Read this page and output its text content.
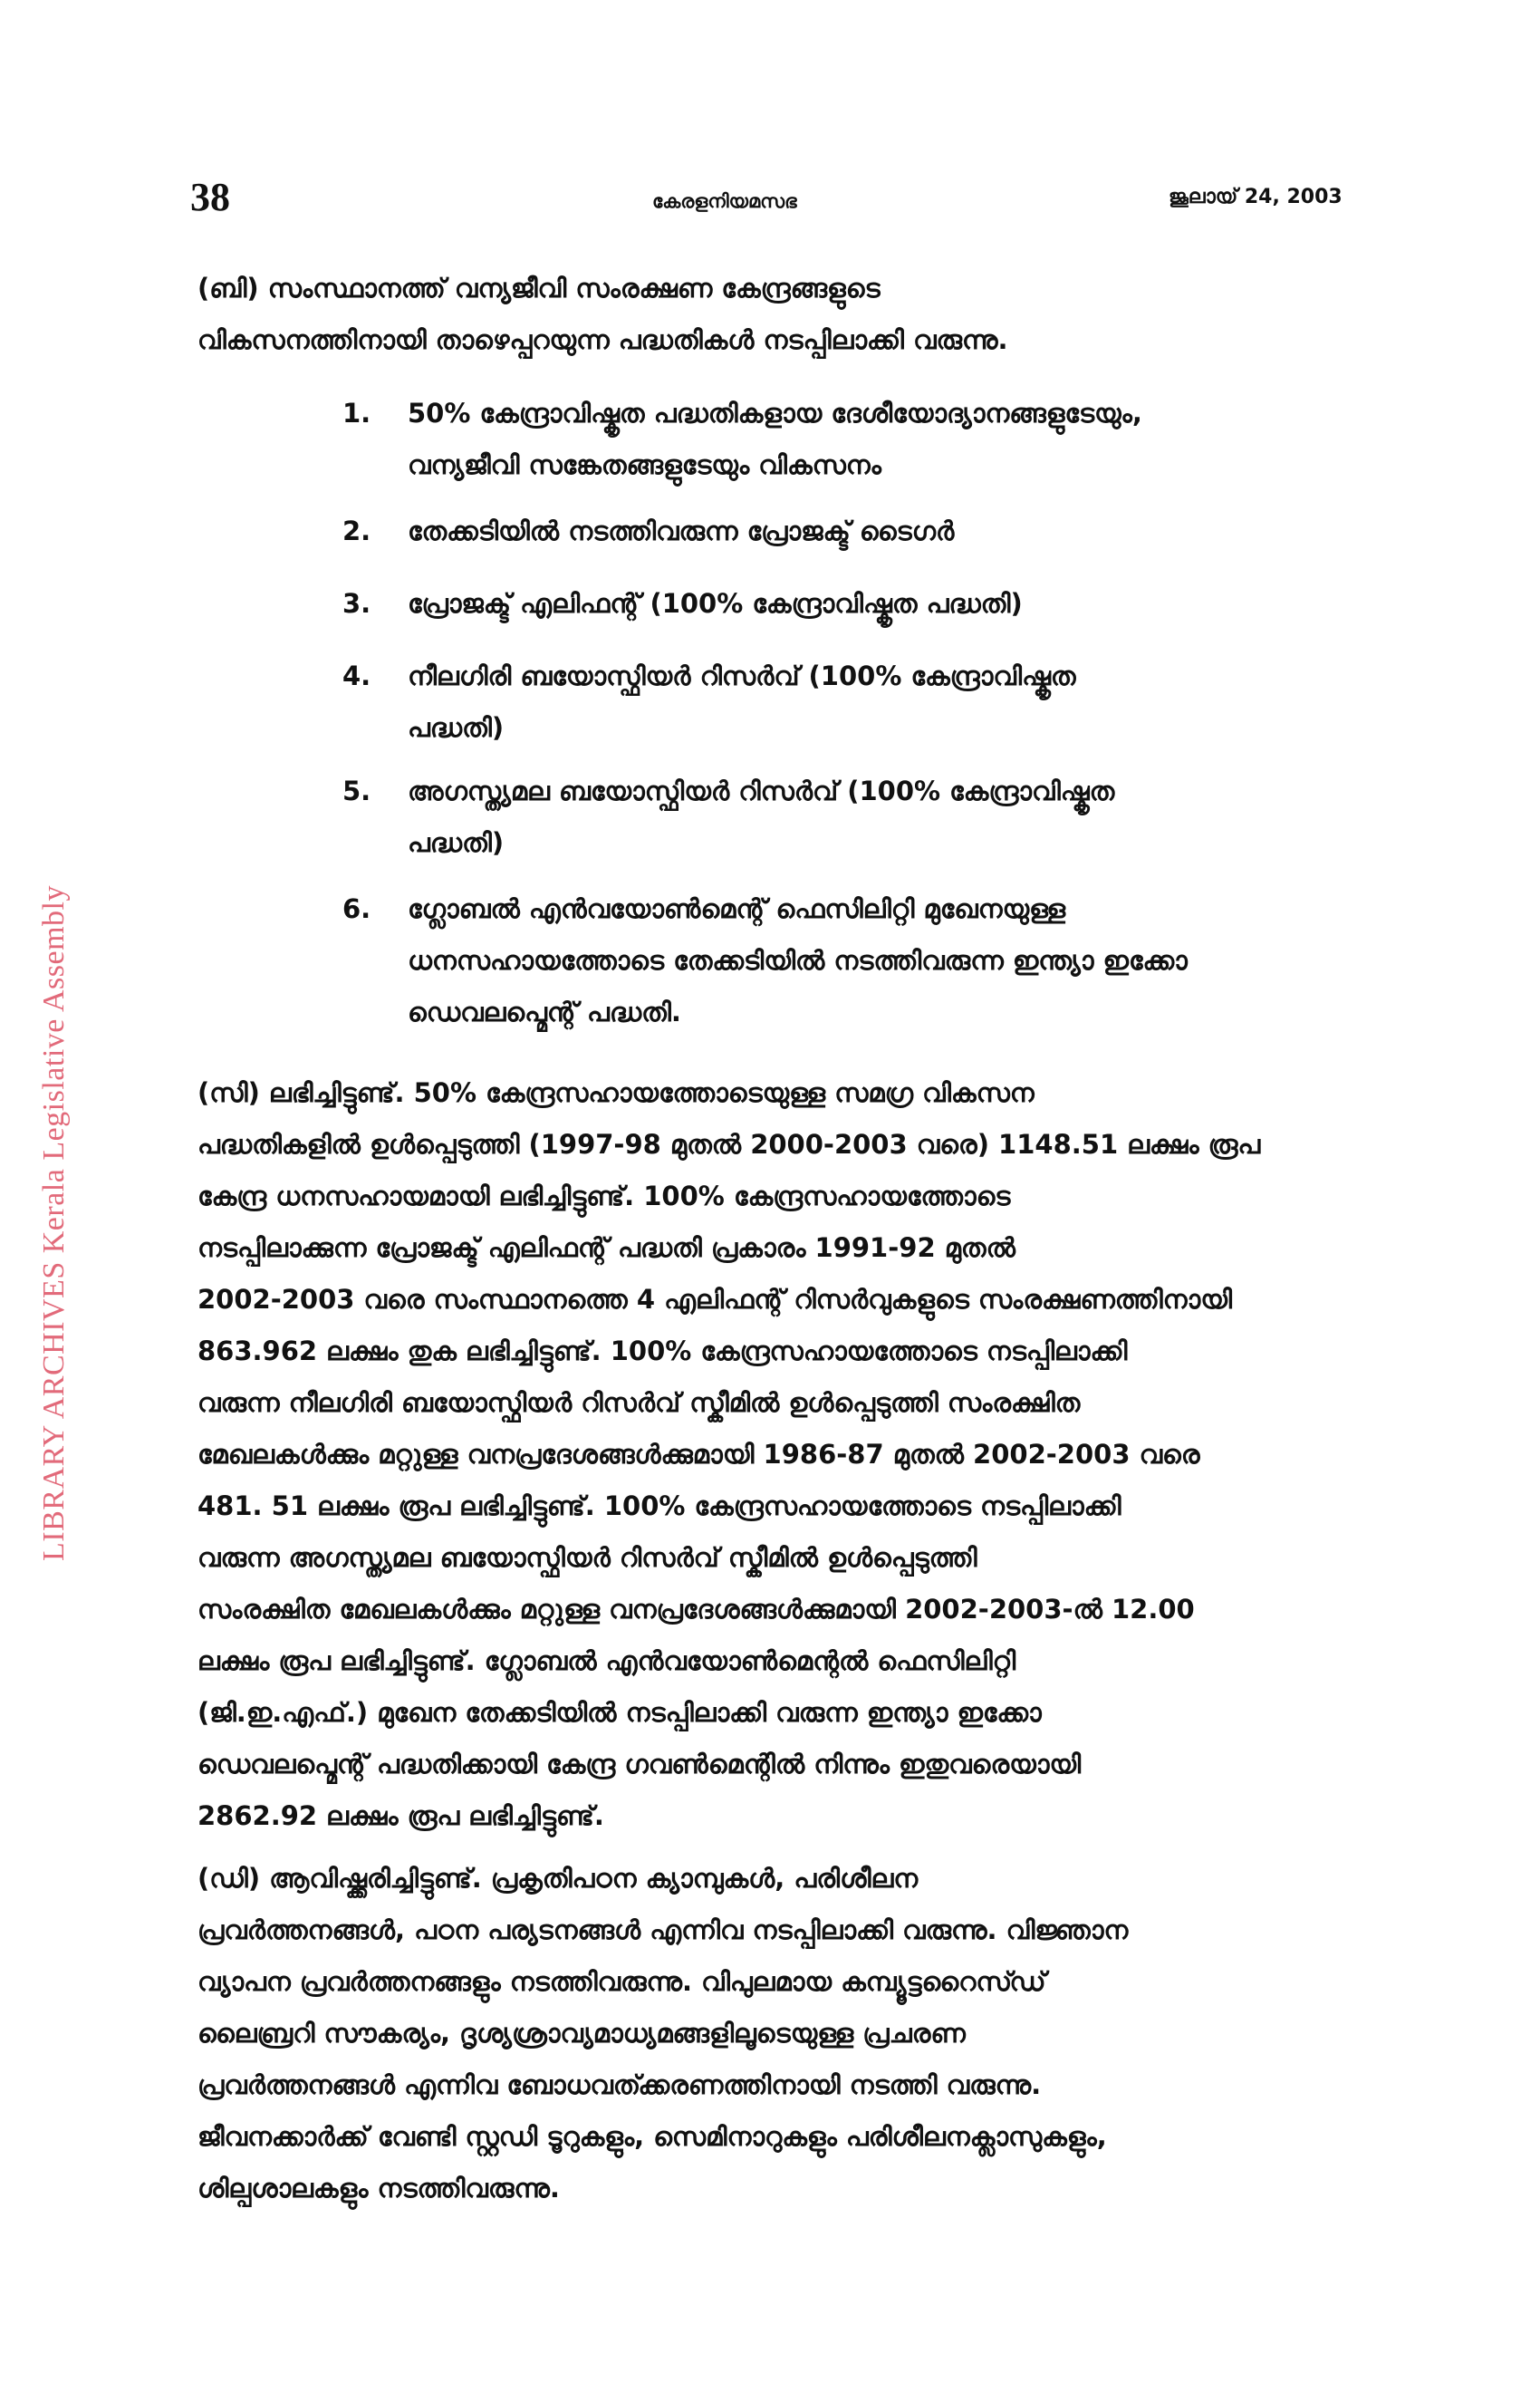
LIBRARY ARCHIVES Kerala Legislative Assembly
38	കേരളനിയമസഭ	ജൂലായ് 24, 2003
(ബി) സംസ്ഥാനത്ത് വന്യജീവി സംരക്ഷണ കേന്ദ്രങ്ങളുടെ
വികസനത്തിനായി താഴെപ്പറയുന്ന പദ്ധതികൾ നടപ്പിലാക്കി വരുന്നു.
1.	50% കേന്ദ്രാവിഷ്കൃത പദ്ധതികളായ ദേശീയോദ്യാനങ്ങളുടേയും,
വന്യജീവി സങ്കേതങ്ങളുടേയും വികസനം
2.	തേക്കടിയിൽ നടത്തിവരുന്ന പ്രോജക്ട് ടൈഗർ
3.	പ്രോജക്ട് എലിഫന്റ് (100% കേന്ദ്രാവിഷ്കൃത പദ്ധതി)
4.	നീലഗിരി ബയോസ്ഫിയർ റിസർവ് (100% കേന്ദ്രാവിഷ്കൃത
പദ്ധതി)
5.	അഗസ്ത്യമല ബയോസ്ഫിയർ റിസർവ് (100% കേന്ദ്രാവിഷ്കൃത
പദ്ധതി)
6.	ഗ്ലോബൽ എൻവയോൺമെന്റ് ഫെസിലിറ്റി മുഖേനയുള്ള
ധനസഹായത്തോടെ തേക്കടിയിൽ നടത്തിവരുന്ന ഇന്ത്യാ ഇക്കോ
ഡെവലപ്മെന്റ് പദ്ധതി.
(സി) ലഭിച്ചിട്ടുണ്ട്. 50% കേന്ദ്രസഹായത്തോടെയുള്ള സമഗ്ര വികസന
പദ്ധതികളിൽ ഉൾപ്പെടുത്തി (1997-98 മുതൽ 2000-2003 വരെ) 1148.51 ലക്ഷം രൂപ
കേന്ദ്ര ധനസഹായമായി ലഭിച്ചിട്ടുണ്ട്. 100% കേന്ദ്രസഹായത്തോടെ
നടപ്പിലാക്കുന്ന പ്രോജക്ട് എലിഫന്റ് പദ്ധതി പ്രകാരം 1991-92 മുതൽ
2002-2003 വരെ സംസ്ഥാനത്തെ 4 എലിഫന്റ് റിസർവുകളുടെ സംരക്ഷണത്തിനായി
863.962 ലക്ഷം തുക ലഭിച്ചിട്ടുണ്ട്. 100% കേന്ദ്രസഹായത്തോടെ നടപ്പിലാക്കി
വരുന്ന നീലഗിരി ബയോസ്ഫിയർ റിസർവ് സ്കീമിൽ ഉൾപ്പെടുത്തി സംരക്ഷിത
മേഖലകൾക്കും മറ്റുള്ള വനപ്രദേശങ്ങൾക്കുമായി 1986-87 മുതൽ 2002-2003 വരെ
481. 51 ലക്ഷം രൂപ ലഭിച്ചിട്ടുണ്ട്. 100% കേന്ദ്രസഹായത്തോടെ നടപ്പിലാക്കി
വരുന്ന അഗസ്ത്യമല ബയോസ്ഫിയർ റിസർവ് സ്കീമിൽ ഉൾപ്പെടുത്തി
സംരക്ഷിത മേഖലകൾക്കും മറ്റുള്ള വനപ്രദേശങ്ങൾക്കുമായി 2002-2003-ൽ 12.00
ലക്ഷം രൂപ ലഭിച്ചിട്ടുണ്ട്. ഗ്ലോബൽ എൻവയോൺമെന്റൽ ഫെസിലിറ്റി
(ജി.ഇ.എഫ്.) മുഖേന തേക്കടിയിൽ നടപ്പിലാക്കി വരുന്ന ഇന്ത്യാ ഇക്കോ
ഡെവലപ്മെന്റ് പദ്ധതിക്കായി കേന്ദ്ര ഗവൺമെന്റിൽ നിന്നും ഇതുവരെയായി
2862.92 ലക്ഷം രൂപ ലഭിച്ചിട്ടുണ്ട്.
(ഡി) ആവിഷ്ക്കരിച്ചിട്ടുണ്ട്. പ്രകൃതിപഠന ക്യാമ്പുകൾ, പരിശീലന
പ്രവർത്തനങ്ങൾ, പഠന പര്യടനങ്ങൾ എന്നിവ നടപ്പിലാക്കി വരുന്നു. വിജ്ഞാന
വ്യാപന പ്രവർത്തനങ്ങളും നടത്തിവരുന്നു. വിപുലമായ കമ്പ്യൂട്ടറൈസ്ഡ്
ലൈബ്രറി സൗകര്യം, ദൃശ്യശ്രാവ്യമാധ്യമങ്ങളിലൂടെയുള്ള പ്രചരണ
പ്രവർത്തനങ്ങൾ എന്നിവ ബോധവത്ക്കരണത്തിനായി നടത്തി വരുന്നു.
ജീവനക്കാർക്ക് വേണ്ടി സ്റ്റഡി ടൂറുകളും, സെമിനാറുകളും പരിശീലനക്ലാസുകളും,
ശില്പശാലകളും നടത്തിവരുന്നു.
